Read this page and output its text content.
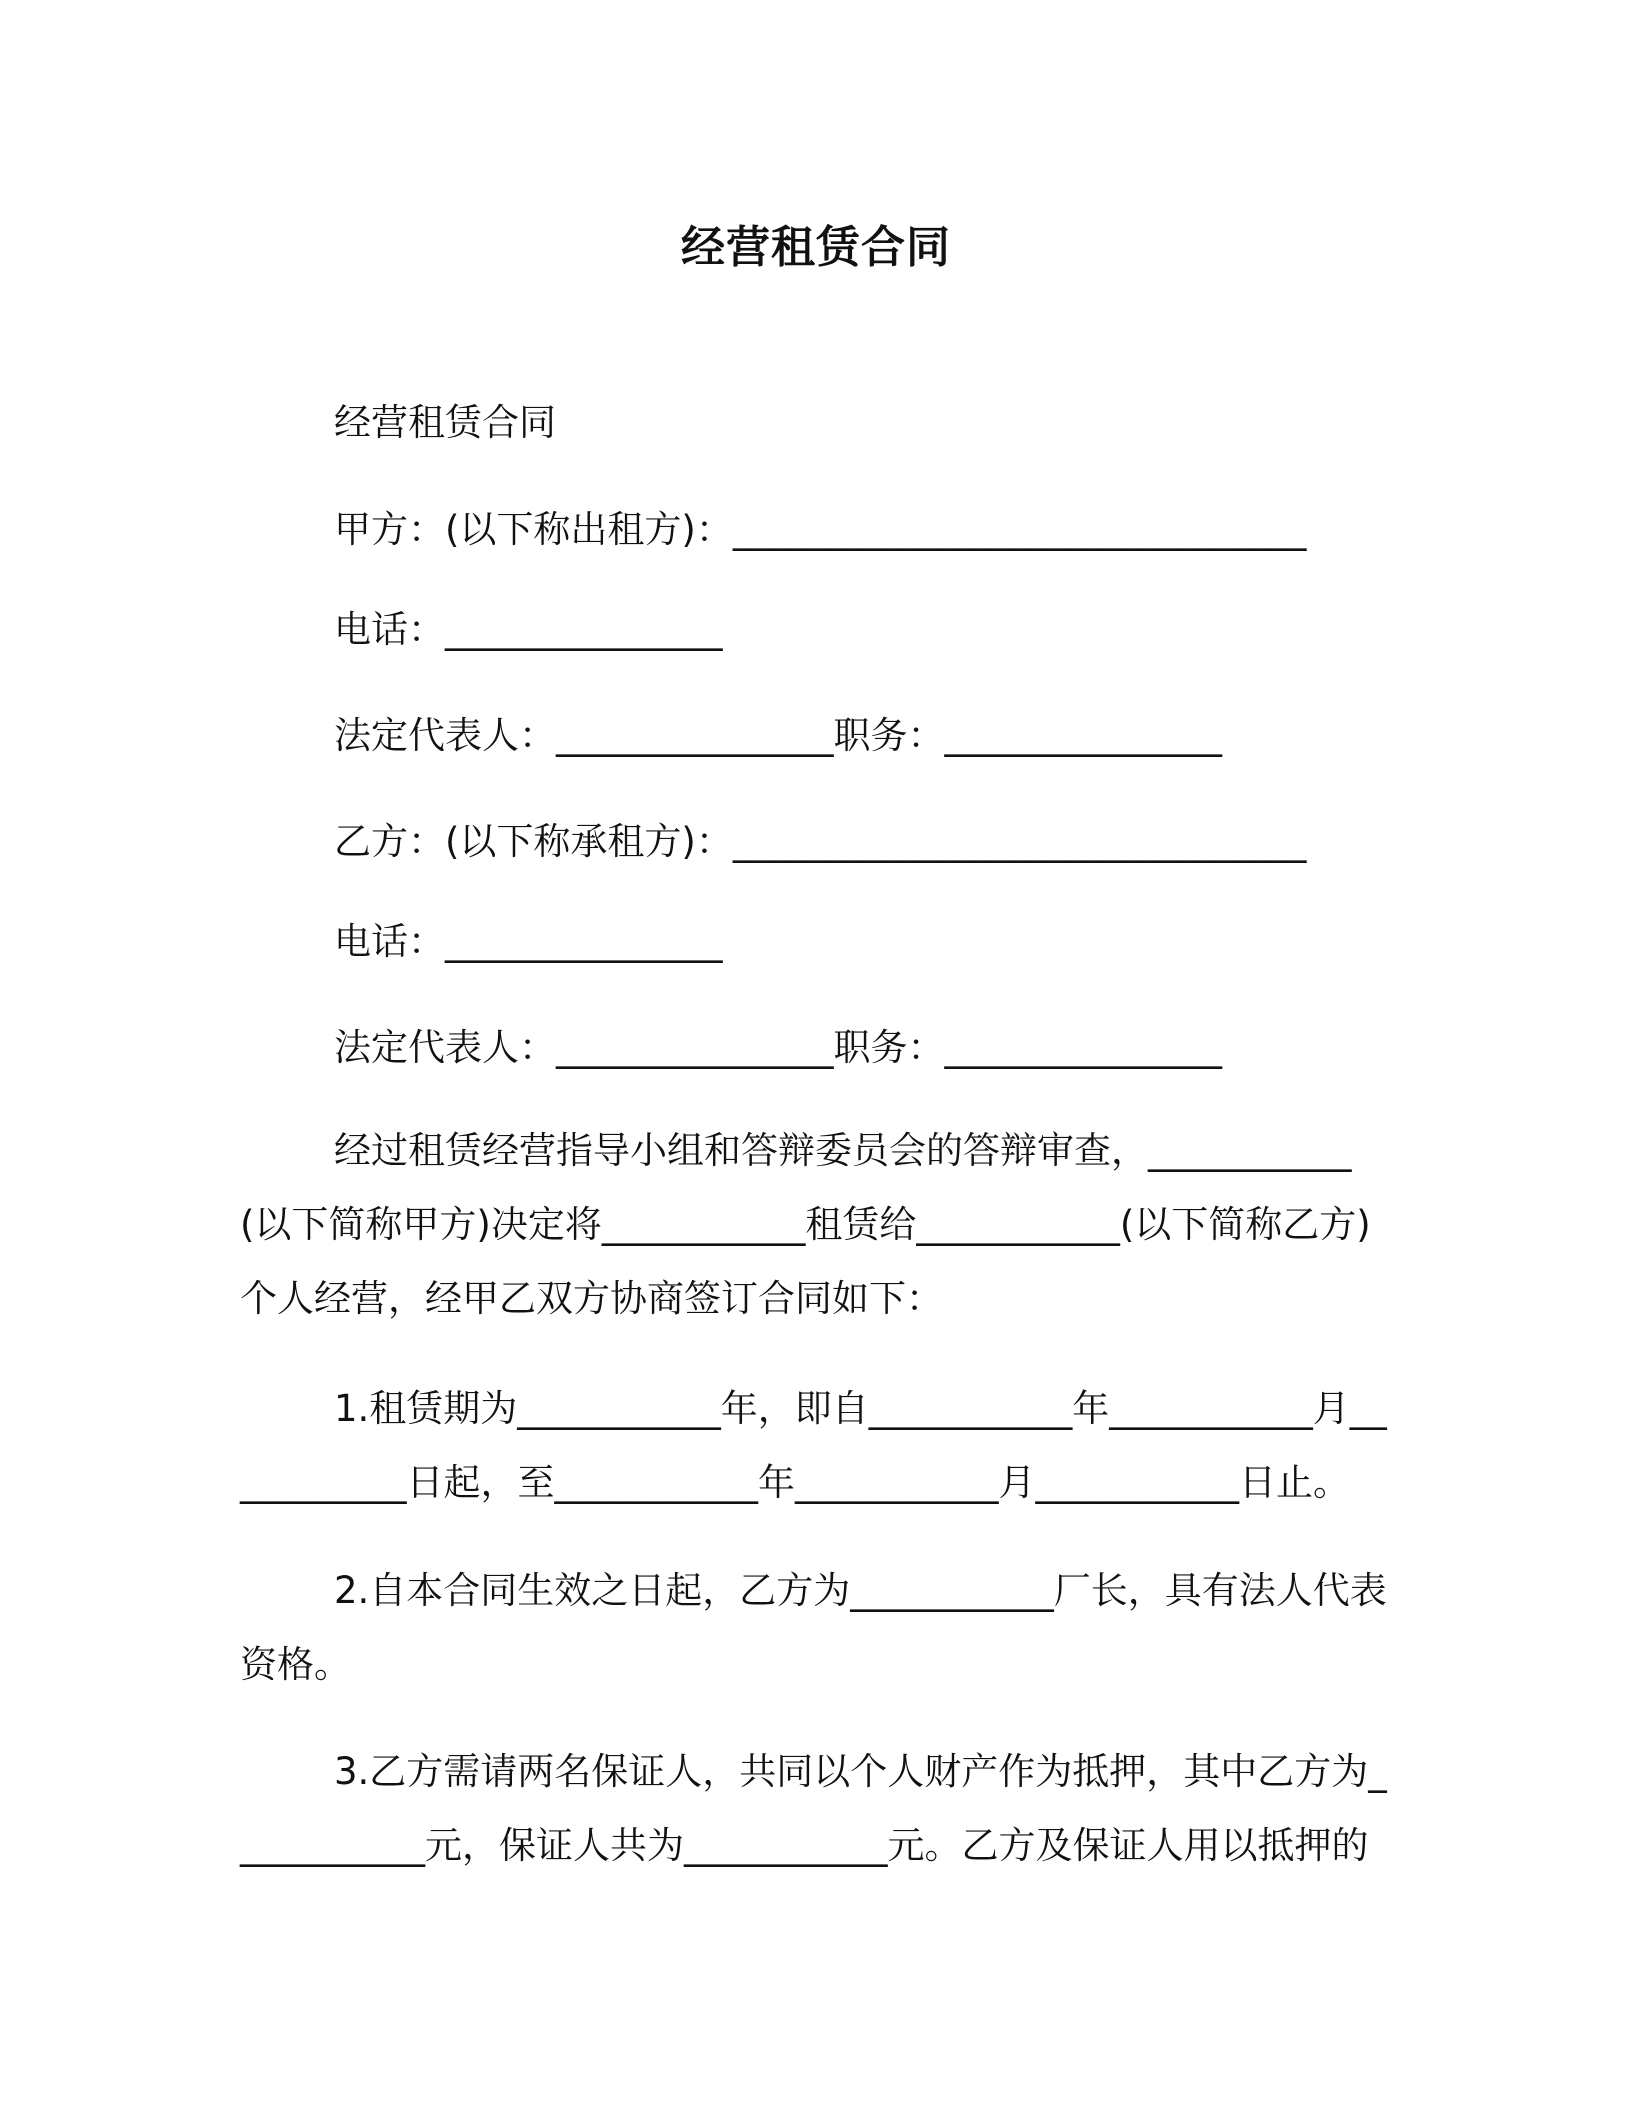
经营租赁合同
经营租赁合同
甲方：(以下称出租方)：_______________________________
电话：_______________
法定代表人：_______________职务：_______________
乙方：(以下称承租方)：_______________________________
电话：_______________
法定代表人：_______________职务：_______________
经过租赁经营指导小组和答辩委员会的答辩审查，___________(以下简称甲方)决定将___________租赁给___________(以下简称乙方)个人经营，经甲乙双方协商签订合同如下：
1.租赁期为___________年，即自___________年___________月___________日起，至___________年___________月___________日止。
2.自本合同生效之日起，乙方为___________厂长，具有法人代表资格。
3.乙方需请两名保证人，共同以个人财产作为抵押，其中乙方为___________元，保证人共为___________元。乙方及保证人用以抵押的
